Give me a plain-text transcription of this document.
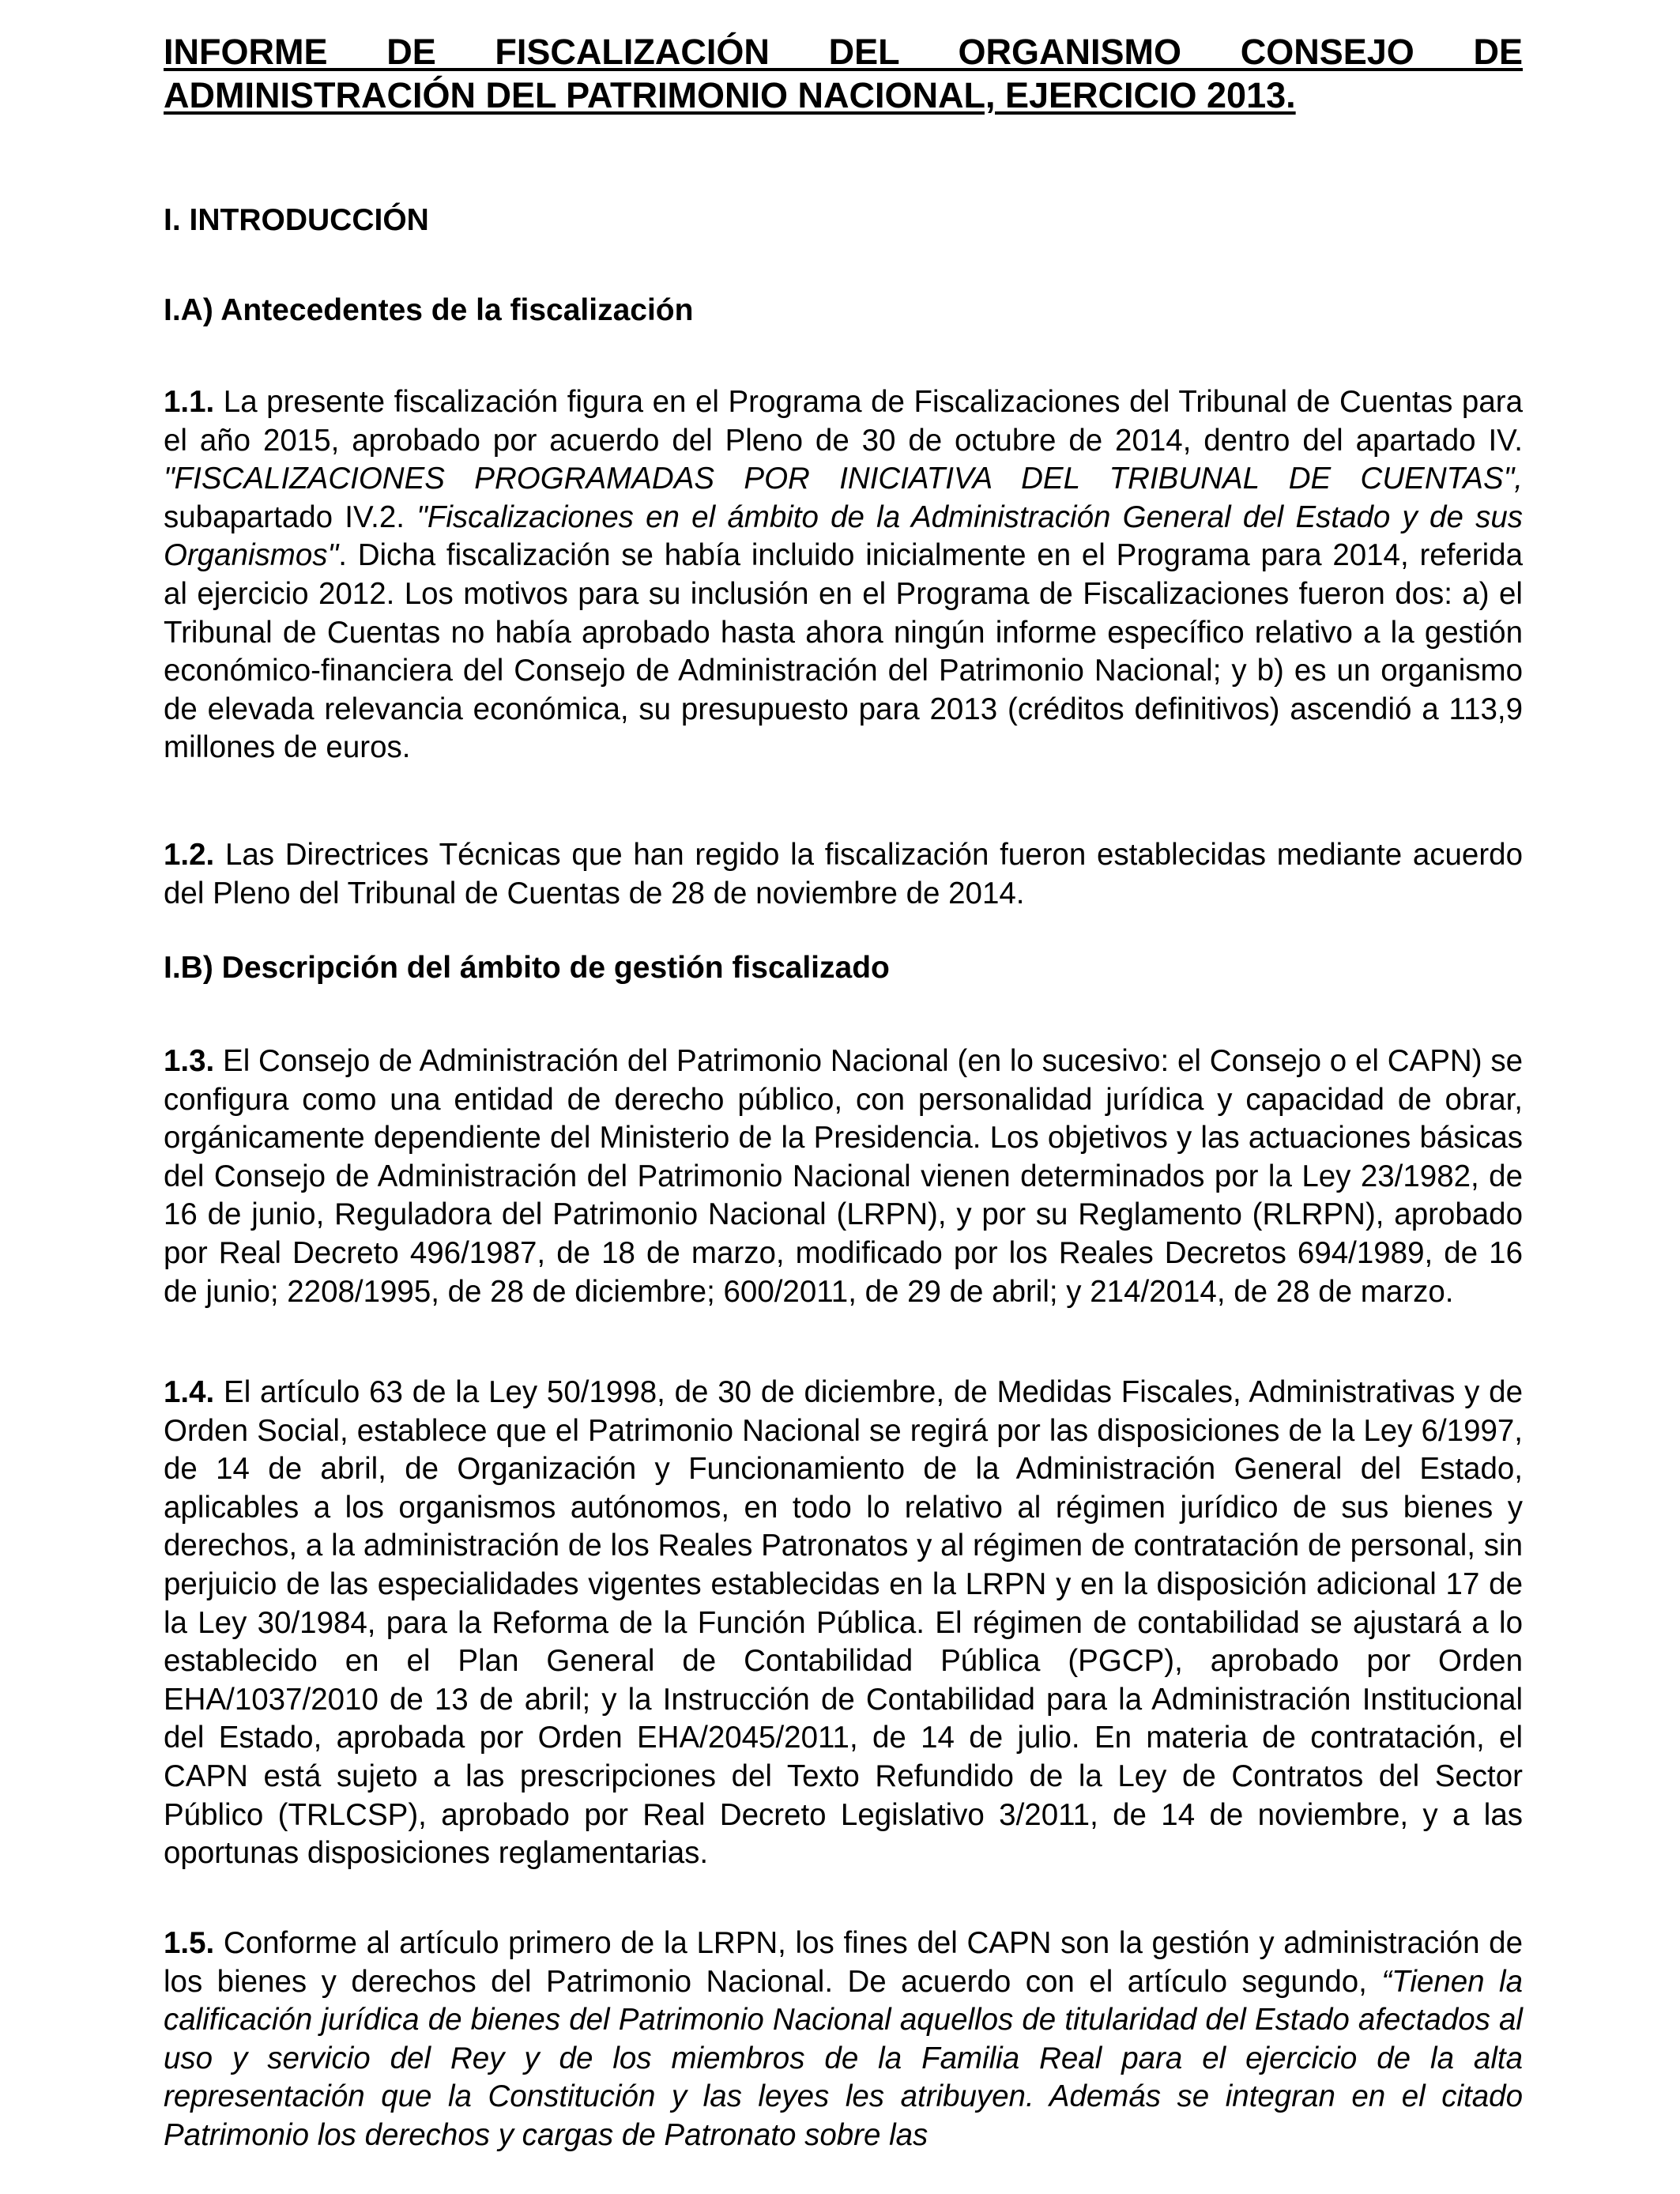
INFORME DE FISCALIZACIÓN DEL ORGANISMO CONSEJO DE ADMINISTRACIÓN DEL PATRIMONIO NACIONAL, EJERCICIO 2013.
I. INTRODUCCIÓN
I.A) Antecedentes de la fiscalización

1.1. La presente fiscalización figura en el Programa de Fiscalizaciones del Tribunal de Cuentas para el año 2015, aprobado por acuerdo del Pleno de 30 de octubre de 2014, dentro del apartado IV. "FISCALIZACIONES PROGRAMADAS POR INICIATIVA DEL TRIBUNAL DE CUENTAS", subapartado IV.2. "Fiscalizaciones en el ámbito de la Administración General del Estado y de sus Organismos". Dicha fiscalización se había incluido inicialmente en el Programa para 2014, referida al ejercicio 2012. Los motivos para su inclusión en el Programa de Fiscalizaciones fueron dos: a) el Tribunal de Cuentas no había aprobado hasta ahora ningún informe específico relativo a la gestión económico-financiera del Consejo de Administración del Patrimonio Nacional; y b) es un organismo de elevada relevancia económica, su presupuesto para 2013 (créditos definitivos) ascendió a 113,9 millones de euros.

1.2. Las Directrices Técnicas que han regido la fiscalización fueron establecidas mediante acuerdo del Pleno del Tribunal de Cuentas de 28 de noviembre de 2014.

I.B) Descripción del ámbito de gestión fiscalizado

1.3. El Consejo de Administración del Patrimonio Nacional (en lo sucesivo: el Consejo o el CAPN) se configura como una entidad de derecho público, con personalidad jurídica y capacidad de obrar, orgánicamente dependiente del Ministerio de la Presidencia. Los objetivos y las actuaciones básicas del Consejo de Administración del Patrimonio Nacional vienen determinados por la Ley 23/1982, de 16 de junio, Reguladora del Patrimonio Nacional (LRPN), y por su Reglamento (RLRPN), aprobado por Real Decreto 496/1987, de 18 de marzo, modificado por los Reales Decretos 694/1989, de 16 de junio; 2208/1995, de 28 de diciembre; 600/2011, de 29 de abril; y 214/2014, de 28 de marzo.

1.4. El artículo 63 de la Ley 50/1998, de 30 de diciembre, de Medidas Fiscales, Administrativas y de Orden Social, establece que el Patrimonio Nacional se regirá por las disposiciones de la Ley 6/1997, de 14 de abril, de Organización y Funcionamiento de la Administración General del Estado, aplicables a los organismos autónomos, en todo lo relativo al régimen jurídico de sus bienes y derechos, a la administración de los Reales Patronatos y al régimen de contratación de personal, sin perjuicio de las especialidades vigentes establecidas en la LRPN y en la disposición adicional 17 de la Ley 30/1984, para la Reforma de la Función Pública. El régimen de contabilidad se ajustará a lo establecido en el Plan General de Contabilidad Pública (PGCP), aprobado por Orden EHA/1037/2010 de 13 de abril; y la Instrucción de Contabilidad para la Administración Institucional del Estado, aprobada por Orden EHA/2045/2011, de 14 de julio. En materia de contratación, el CAPN está sujeto a las prescripciones del Texto Refundido de la Ley de Contratos del Sector Público (TRLCSP), aprobado por Real Decreto Legislativo 3/2011, de 14 de noviembre, y a las oportunas disposiciones reglamentarias.

1.5. Conforme al artículo primero de la LRPN, los fines del CAPN son la gestión y administración de los bienes y derechos del Patrimonio Nacional. De acuerdo con el artículo segundo, “Tienen la calificación jurídica de bienes del Patrimonio Nacional aquellos de titularidad del Estado afectados al uso y servicio del Rey y de los miembros de la Familia Real para el ejercicio de la alta representación que la Constitución y las leyes les atribuyen. Además se integran en el citado Patrimonio los derechos y cargas de Patronato sobre las
